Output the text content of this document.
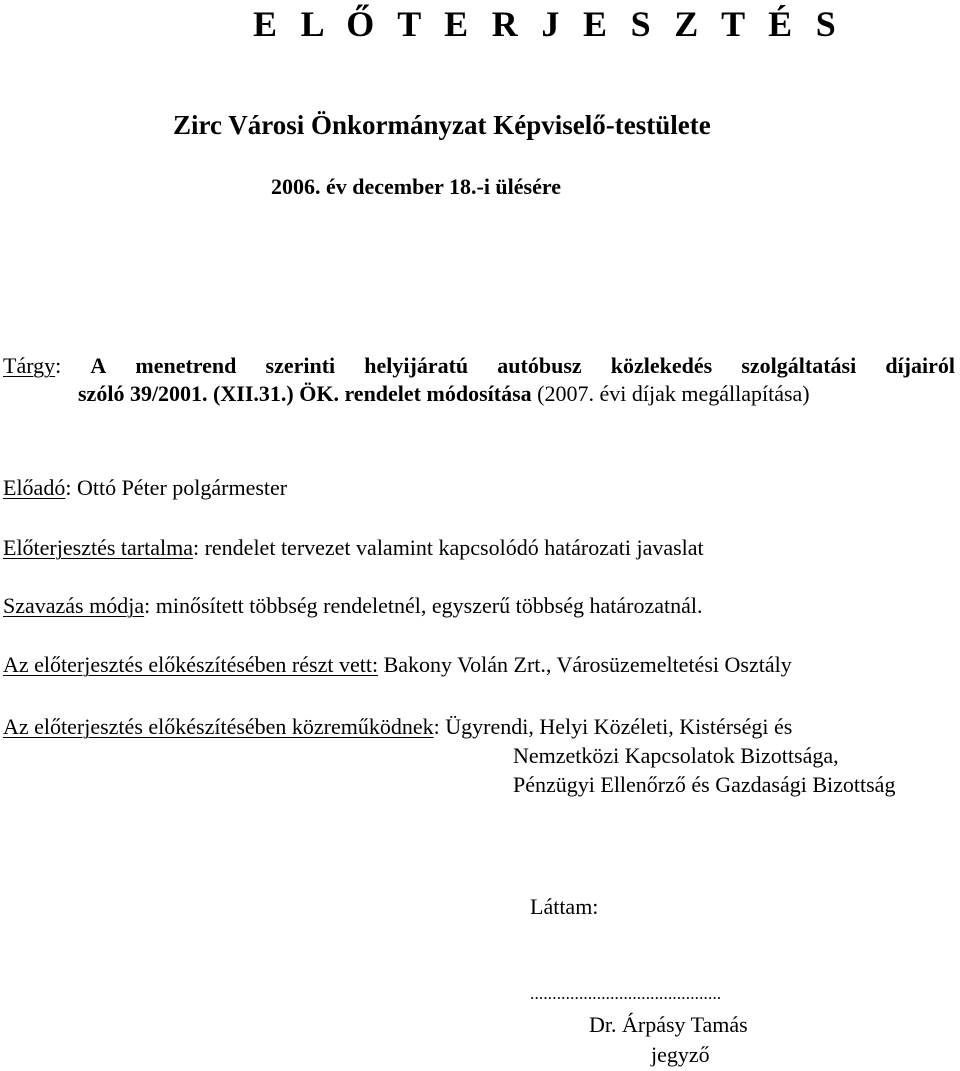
E L Ő T E R J E S Z T É S
Zirc Városi Önkormányzat Képviselő-testülete
2006. év december 18.-i ülésére
Tárgy: A menetrend szerinti helyijáratú autóbusz közlekedés szolgáltatási díjairól
szóló 39/2001. (XII.31.) ÖK. rendelet módosítása (2007. évi díjak megállapítása)
Előadó: Ottó Péter polgármester
Előterjesztés tartalma: rendelet tervezet valamint kapcsolódó határozati javaslat
Szavazás módja: minősített többség rendeletnél, egyszerű többség határozatnál.
Az előterjesztés előkészítésében részt vett: Bakony Volán Zrt., Városüzemeltetési Osztály
Az előterjesztés előkészítésében közreműködnek: Ügyrendi, Helyi Közéleti, Kistérségi és
Nemzetközi Kapcsolatok Bizottsága,
Pénzügyi Ellenőrző és Gazdasági Bizottság
Láttam:
...........................................
Dr. Árpásy Tamás
jegyző
